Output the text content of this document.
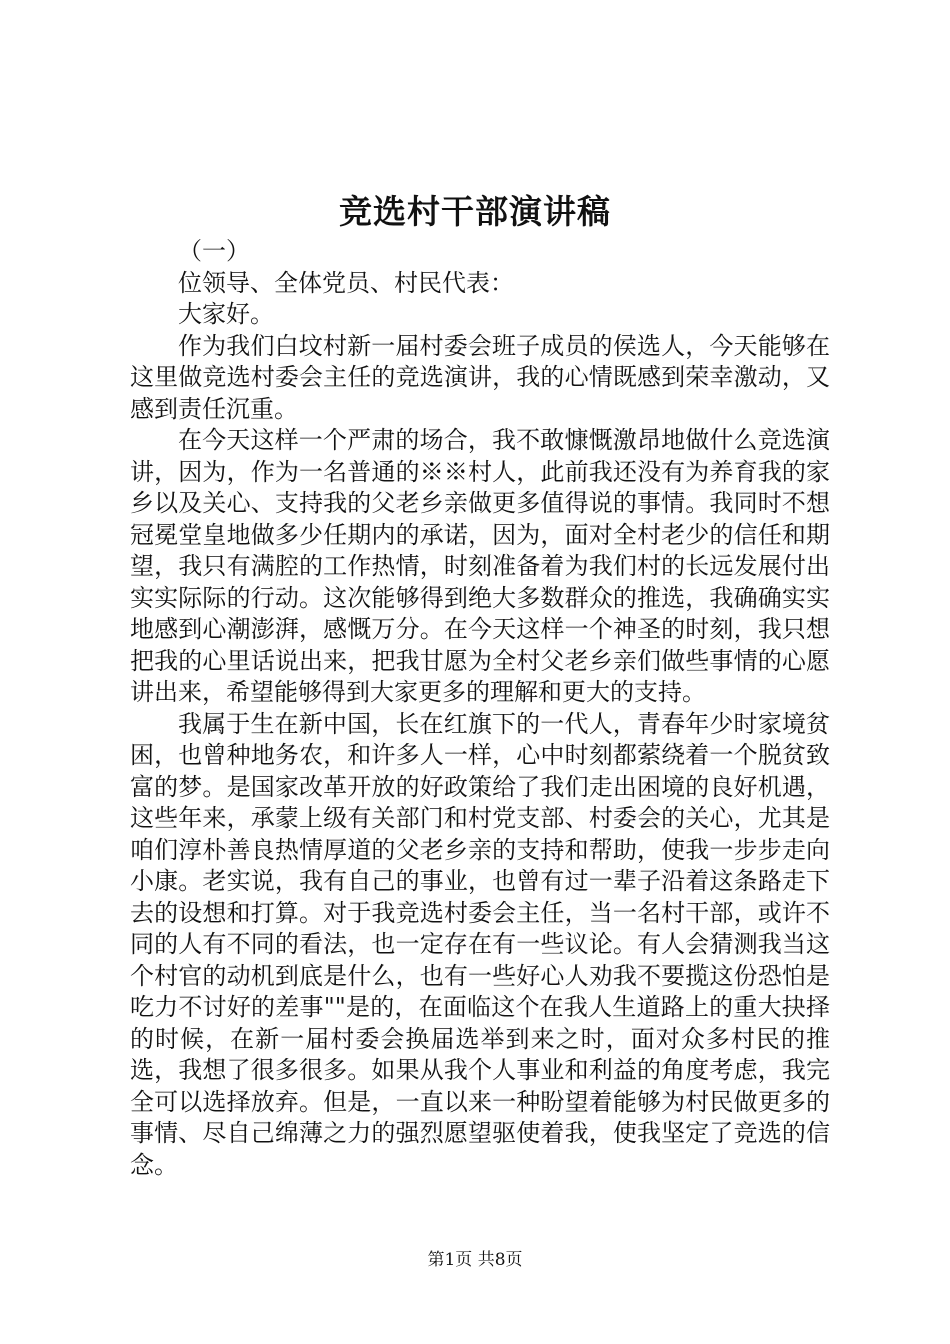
竞选村干部演讲稿

（一）

位领导、全体党员、村民代表：

大家好。

作为我们白坟村新一届村委会班子成员的侯选人，今天能够在这里做竞选村委会主任的竞选演讲，我的心情既感到荣幸激动，又感到责任沉重。

在今天这样一个严肃的场合，我不敢慷慨激昂地做什么竞选演讲，因为，作为一名普通的※※村人，此前我还没有为养育我的家乡以及关心、支持我的父老乡亲做更多值得说的事情。我同时不想冠冕堂皇地做多少任期内的承诺，因为，面对全村老少的信任和期望，我只有满腔的工作热情，时刻准备着为我们村的长远发展付出实实际际的行动。这次能够得到绝大多数群众的推选，我确确实实地感到心潮澎湃，感慨万分。在今天这样一个神圣的时刻，我只想把我的心里话说出来，把我甘愿为全村父老乡亲们做些事情的心愿讲出来，希望能够得到大家更多的理解和更大的支持。

我属于生在新中国，长在红旗下的一代人，青春年少时家境贫困，也曾种地务农，和许多人一样，心中时刻都萦绕着一个脱贫致富的梦。是国家改革开放的好政策给了我们走出困境的良好机遇，这些年来，承蒙上级有关部门和村党支部、村委会的关心，尤其是咱们淳朴善良热情厚道的父老乡亲的支持和帮助，使我一步步走向小康。老实说，我有自己的事业，也曾有过一辈子沿着这条路走下去的设想和打算。对于我竞选村委会主任，当一名村干部，或许不同的人有不同的看法，也一定存在有一些议论。有人会猜测我当这个村官的动机到底是什么，也有一些好心人劝我不要揽这份恐怕是吃力不讨好的差事""是的，在面临这个在我人生道路上的重大抉择的时候，在新一届村委会换届选举到来之时，面对众多村民的推选，我想了很多很多。如果从我个人事业和利益的角度考虑，我完全可以选择放弃。但是，一直以来一种盼望着能够为村民做更多的事情、尽自己绵薄之力的强烈愿望驱使着我，使我坚定了竞选的信念。

第1页 共8页
